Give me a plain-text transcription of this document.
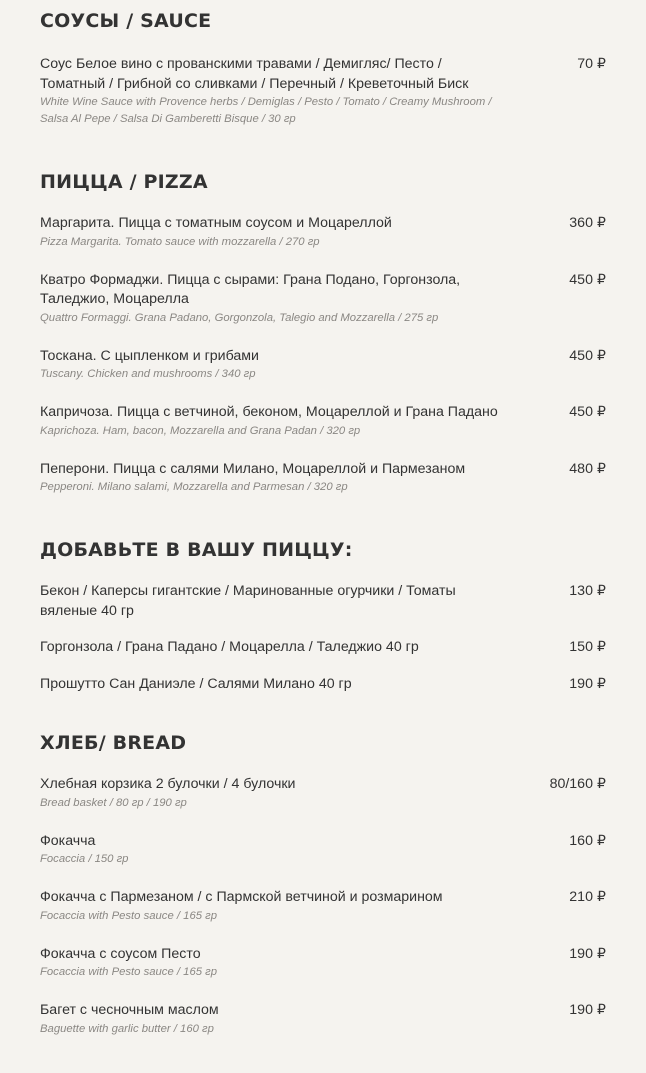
СОУСЫ / SAUCE
Соус Белое вино с прованскими травами / Демигляс/ Песто / Томатный / Грибной со сливками / Перечный / Креветочный Биск
White Wine Sauce with Provence herbs / Demiglas / Pesto / Tomato / Creamy Mushroom / Salsa Al Pepe / Salsa Di Gamberetti Bisque / 30 гр
70 ₽
ПИЦЦА / PIZZA
Маргарита. Пицца с томатным соусом и Моцареллой
Pizza Margarita. Tomato sauce with mozzarella / 270 гр
360 ₽
Кватро Формаджи. Пицца с сырами: Грана Подано, Горгонзола, Таледжио, Моцарелла
Quattro Formaggi. Grana Padano, Gorgonzola, Talegio and Mozzarella / 275 гр
450 ₽
Тоскана. С цыпленком и грибами
Tuscany. Chicken and mushrooms / 340 гр
450 ₽
Капричоза. Пицца с ветчиной, беконом, Моцареллой и Грана Падано
Kaprichoza. Ham, bacon, Mozzarella and Grana Padan / 320 гр
450 ₽
Пеперони. Пицца с салями Милано, Моцареллой и Пармезаном
Pepperoni. Milano salami, Mozzarella and Parmesan / 320 гр
480 ₽
ДОБАВЬТЕ В ВАШУ ПИЦЦУ:
Бекон / Каперсы гигантские / Маринованные огурчики / Томаты вяленые 40 гр
130 ₽
Горгонзола / Грана Падано / Моцарелла / Таледжио 40 гр	150 ₽
Прошутто Сан Даниэле / Салями Милано 40 гр	190 ₽
ХЛЕБ/ BREAD
Хлебная корзика 2 булочки / 4 булочки
Bread basket / 80 гр / 190 гр
80/160 ₽
Фокачча
Focaccia / 150 гр
160 ₽
Фокачча с Пармезаном / с Пармской ветчиной и розмарином
Focaccia with Pesto sauce / 165 гр
210 ₽
Фокачча с соусом Песто
Focaccia with Pesto sauce / 165 гр
190 ₽
Багет с чесночным маслом
Baguette with garlic butter / 160 гр
190 ₽
